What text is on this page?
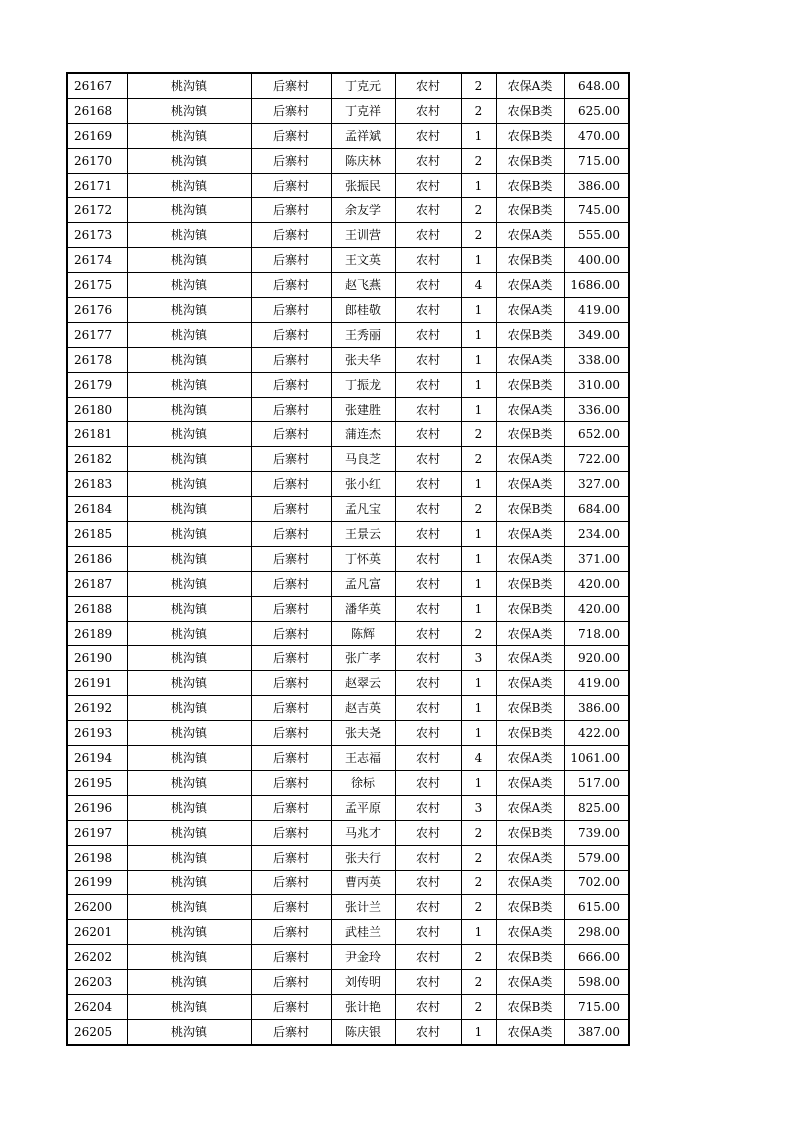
26167	桃沟镇	后寨村	丁克元	农村	2	农保A类	648.00
26168	桃沟镇	后寨村	丁克祥	农村	2	农保B类	625.00
26169	桃沟镇	后寨村	孟祥斌	农村	1	农保B类	470.00
26170	桃沟镇	后寨村	陈庆林	农村	2	农保B类	715.00
26171	桃沟镇	后寨村	张振民	农村	1	农保B类	386.00
26172	桃沟镇	后寨村	余友学	农村	2	农保B类	745.00
26173	桃沟镇	后寨村	王训营	农村	2	农保A类	555.00
26174	桃沟镇	后寨村	王文英	农村	1	农保B类	400.00
26175	桃沟镇	后寨村	赵飞燕	农村	4	农保A类	1686.00
26176	桃沟镇	后寨村	郎桂敬	农村	1	农保A类	419.00
26177	桃沟镇	后寨村	王秀丽	农村	1	农保B类	349.00
26178	桃沟镇	后寨村	张夫华	农村	1	农保A类	338.00
26179	桃沟镇	后寨村	丁振龙	农村	1	农保B类	310.00
26180	桃沟镇	后寨村	张建胜	农村	1	农保A类	336.00
26181	桃沟镇	后寨村	蒲连杰	农村	2	农保B类	652.00
26182	桃沟镇	后寨村	马良芝	农村	2	农保A类	722.00
26183	桃沟镇	后寨村	张小红	农村	1	农保A类	327.00
26184	桃沟镇	后寨村	孟凡宝	农村	2	农保B类	684.00
26185	桃沟镇	后寨村	王景云	农村	1	农保A类	234.00
26186	桃沟镇	后寨村	丁怀英	农村	1	农保A类	371.00
26187	桃沟镇	后寨村	孟凡富	农村	1	农保B类	420.00
26188	桃沟镇	后寨村	潘华英	农村	1	农保B类	420.00
26189	桃沟镇	后寨村	陈辉	农村	2	农保A类	718.00
26190	桃沟镇	后寨村	张广孝	农村	3	农保A类	920.00
26191	桃沟镇	后寨村	赵翠云	农村	1	农保A类	419.00
26192	桃沟镇	后寨村	赵吉英	农村	1	农保B类	386.00
26193	桃沟镇	后寨村	张夫尧	农村	1	农保B类	422.00
26194	桃沟镇	后寨村	王志福	农村	4	农保A类	1061.00
26195	桃沟镇	后寨村	徐标	农村	1	农保A类	517.00
26196	桃沟镇	后寨村	孟平原	农村	3	农保A类	825.00
26197	桃沟镇	后寨村	马兆才	农村	2	农保B类	739.00
26198	桃沟镇	后寨村	张夫行	农村	2	农保A类	579.00
26199	桃沟镇	后寨村	曹丙英	农村	2	农保A类	702.00
26200	桃沟镇	后寨村	张计兰	农村	2	农保B类	615.00
26201	桃沟镇	后寨村	武桂兰	农村	1	农保A类	298.00
26202	桃沟镇	后寨村	尹金玲	农村	2	农保B类	666.00
26203	桃沟镇	后寨村	刘传明	农村	2	农保A类	598.00
26204	桃沟镇	后寨村	张计艳	农村	2	农保B类	715.00
26205	桃沟镇	后寨村	陈庆银	农村	1	农保A类	387.00
